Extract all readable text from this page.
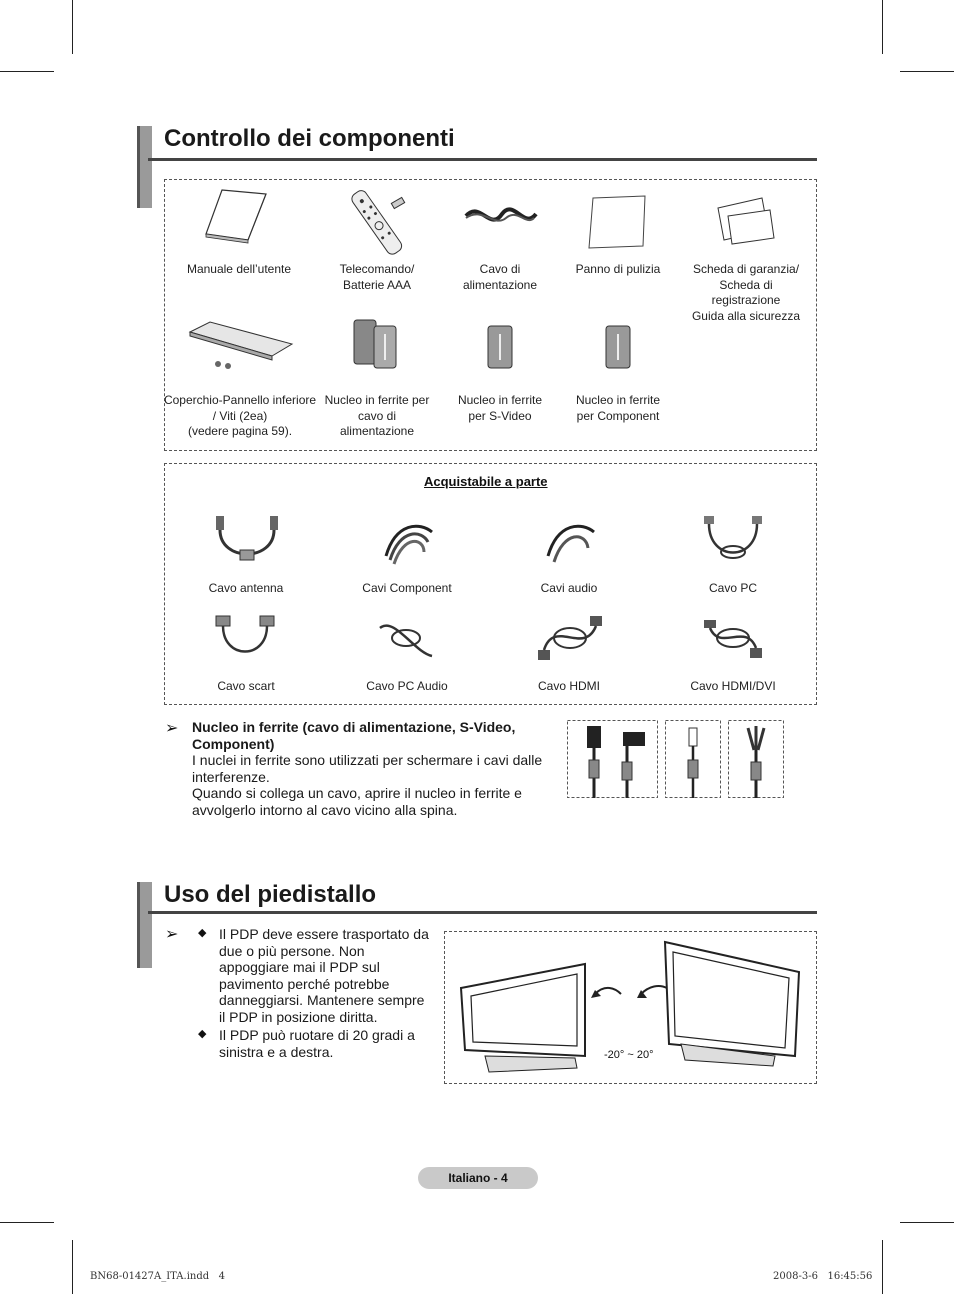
Controllo dei componenti
Manuale dell’utente	Telecomando/
Batterie AAA
Cavo di
alimentazione
Panno di pulizia	Scheda di garanzia/
Scheda di
registrazione
Guida alla sicurezza
Coperchio-Pannello inferiore
/ Viti (2ea)
(vedere pagina 59).
Nucleo in ferrite per
cavo di
alimentazione
Nucleo in ferrite
per S-Video
Nucleo in ferrite
per Component
Acquistabile a parte
Cavo antenna	Cavi Component	Cavi audio	Cavo PC
Cavo scart	Cavo PC Audio	Cavo HDMI	Cavo HDMI/DVI
➢ Nucleo in ferrite (cavo di alimentazione, S-Video, Component)
I nuclei in ferrite sono utilizzati per schermare i cavi dalle interferenze.
Quando si collega un cavo, aprire il nucleo in ferrite e avvolgerlo intorno al cavo vicino alla spina.
Uso del piedistallo
➢ ◆ Il PDP deve essere trasportato da due o più persone. Non appoggiare mai il PDP sul pavimento perché potrebbe danneggiarsi. Mantenere sempre il PDP in posizione diritta.
◆ Il PDP può ruotare di 20 gradi a sinistra e a destra.	-20° ~ 20°
Italiano - 4
BN68-01427A_ITA.indd   4	2008-3-6   16:45:56
